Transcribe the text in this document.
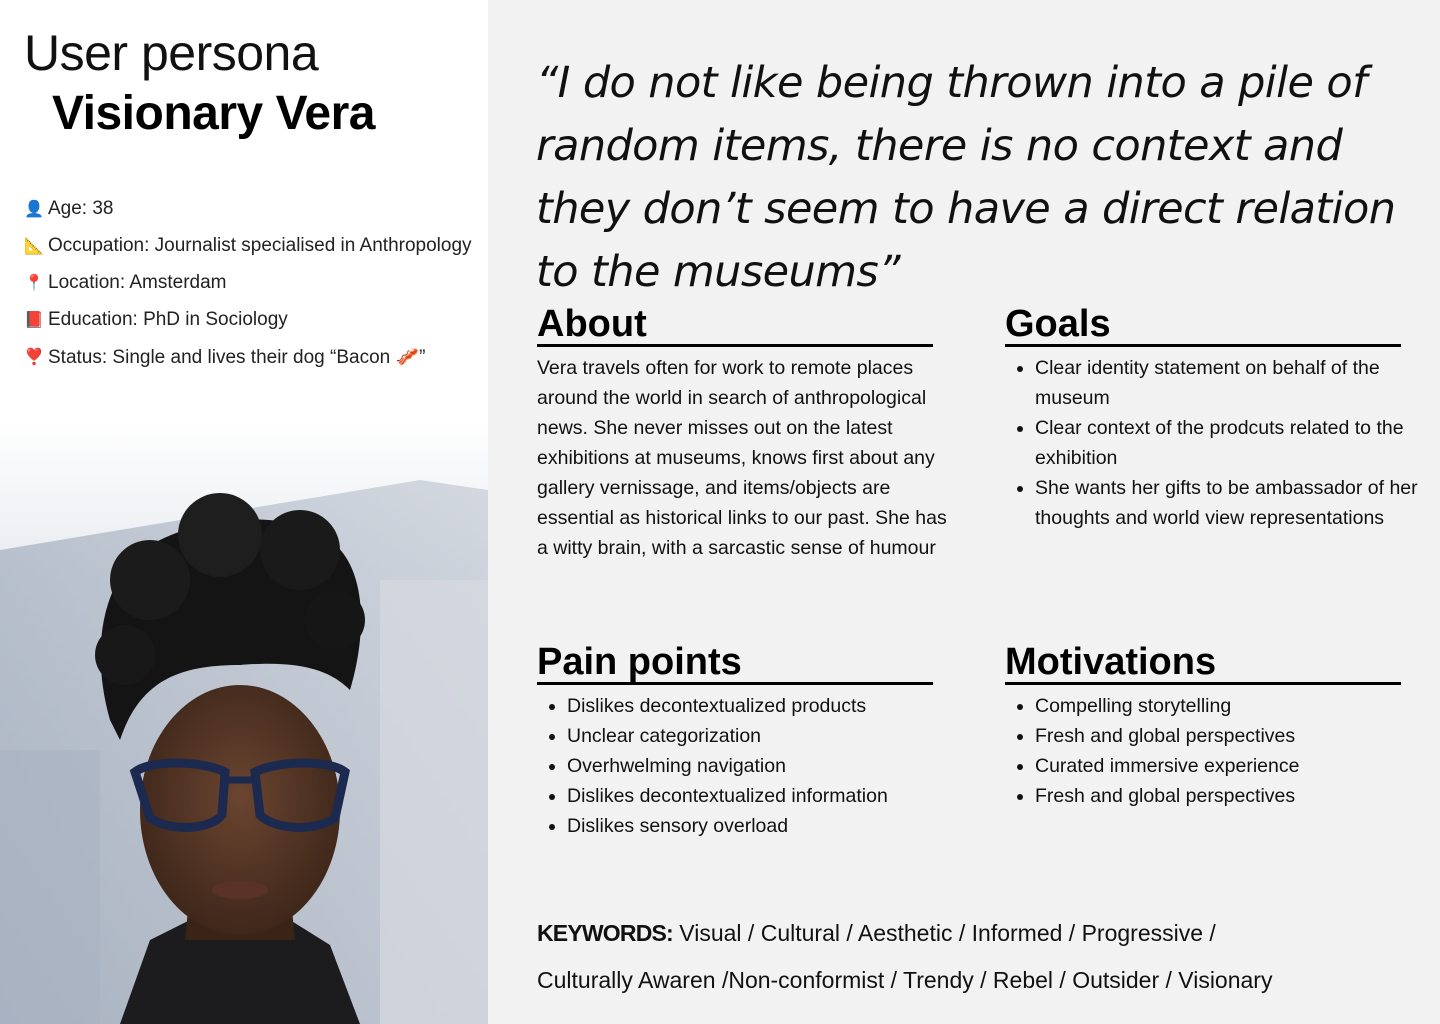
User persona
Visionary Vera
👤 Age: 38
📐 Occupation: Journalist specialised in Anthropology
📍 Location: Amsterdam
📕 Education: PhD in Sociology
❣️ Status: Single and lives their dog “Bacon 🥓”
“I do not like being thrown into a pile of random items, there is no context and they don’t seem to have a direct relation to the museums”
About
Vera travels often for work to remote places around the world in search of anthropological news. She never misses out on the latest exhibitions at museums, knows first about any gallery vernissage, and items/objects are essential as historical links to our past. She has a witty brain, with a sarcastic sense of humour
Goals
• Clear identity statement on behalf of the museum
• Clear context of the prodcuts related to the exhibition
• She wants her gifts to be ambassador of her thoughts and world view representations
Pain points
• Dislikes decontextualized products
• Unclear categorization
• Overhwelming navigation
• Dislikes decontextualized information
• Dislikes sensory overload
Motivations
• Compelling storytelling
• Fresh and global perspectives
• Curated immersive experience
• Fresh and global perspectives
KEYWORDS: Visual / Cultural / Aesthetic / Informed / Progressive /
Culturally Awaren /Non-conformist / Trendy / Rebel / Outsider / Visionary
